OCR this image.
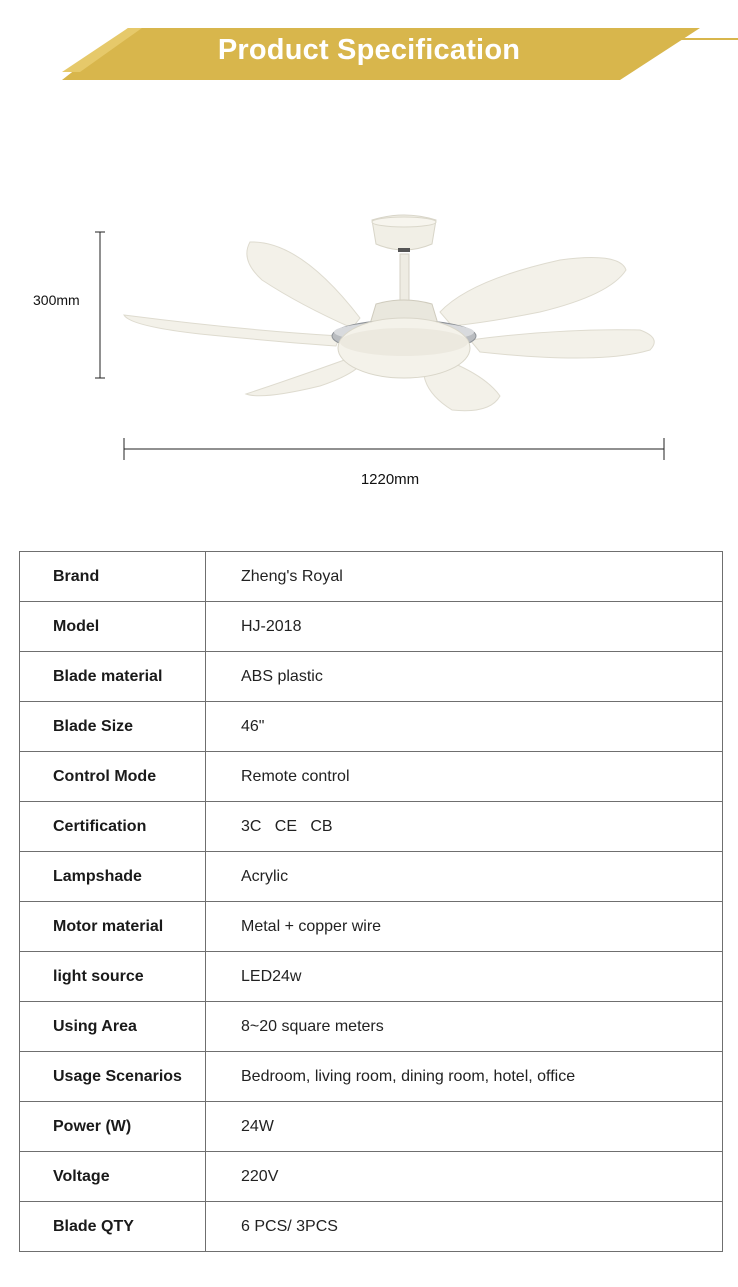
Product Specification
300mm
1220mm
Brand	Zheng's Royal
Model	HJ-2018
Blade material	ABS plastic
Blade Size	46"
Control Mode	Remote control
Certification	3C   CE   CB
Lampshade	Acrylic
Motor material	Metal + copper wire
light source	LED24w
Using Area	8~20 square meters
Usage Scenarios	Bedroom, living room, dining room, hotel, office
Power (W)	24W
Voltage	220V
Blade QTY	6 PCS/ 3PCS
